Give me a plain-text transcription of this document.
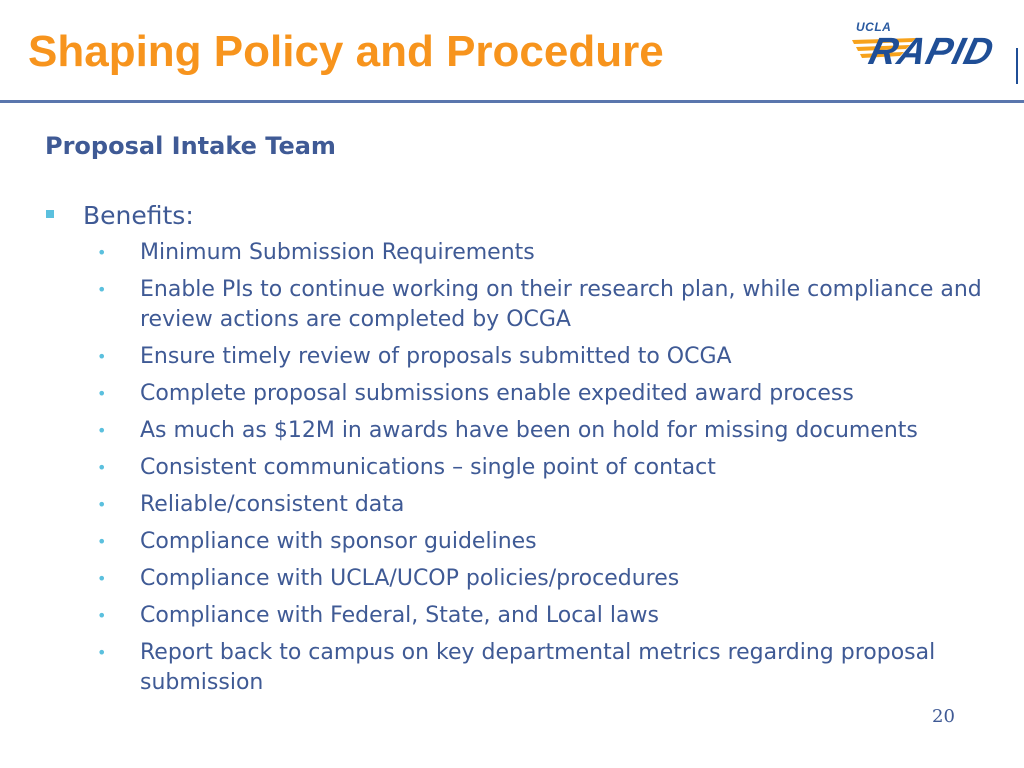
Shaping Policy and Procedure	UCLA
RAPID
Proposal Intake Team
Benefits:
• Minimum Submission Requirements
• Enable PIs to continue working on their research plan, while compliance and review actions are completed by OCGA
• Ensure timely review of proposals submitted to OCGA
• Complete proposal submissions enable expedited award process
• As much as $12M in awards have been on hold for missing documents
• Consistent communications – single point of contact
• Reliable/consistent data
• Compliance with sponsor guidelines
• Compliance with UCLA/UCOP policies/procedures
• Compliance with Federal, State, and Local laws
• Report back to campus on key departmental metrics regarding proposal submission
20
